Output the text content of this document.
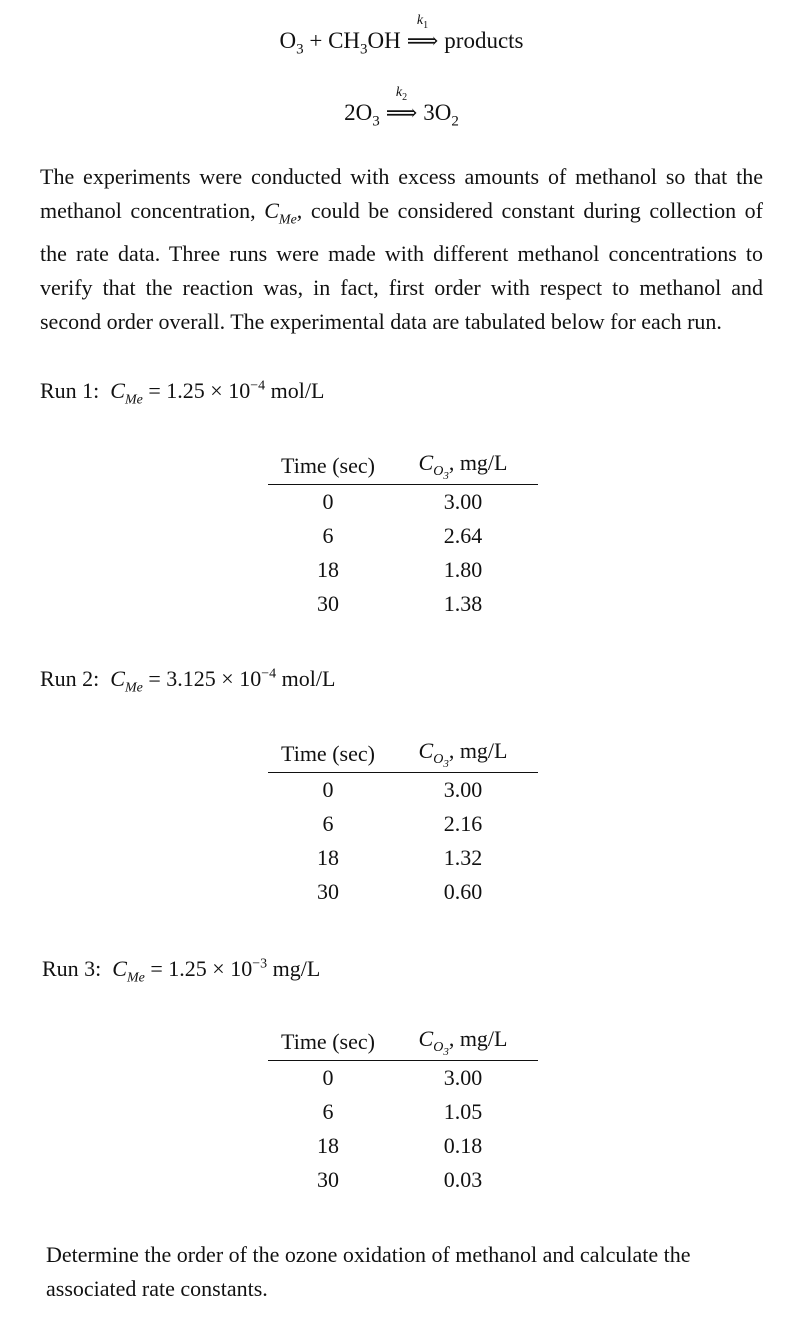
$O_3 + CH_3OH$
$k_1$
⟹ products
$2O_3$
$k_2$
⟹ $3O_2$

The experiments were conducted with excess amounts of methanol so that the methanol concentration, $C_{Me}$, could be considered constant during collection of the rate data. Three runs were made with different methanol concentrations to verify that the reaction was, in fact, first order with respect to methanol and second order overall. The experimental data are tabulated below for each run.

Run 1: $C_{Me} = 1.25 \times 10^{-4}$ mol/L
Time (sec)	$C_{O_3}$, mg/L
0	3.00
6	2.64
18	1.80
30	1.38
Run 2: $C_{Me} = 3.125 \times 10^{-4}$ mol/L
Time (sec)	$C_{O_3}$, mg/L
0	3.00
6	2.16
18	1.32
30	0.60
Run 3: $C_{Me} = 1.25 \times 10^{-3}$ mg/L
Time (sec)	$C_{O_3}$, mg/L
0	3.00
6	1.05
18	0.18
30	0.03

Determine the order of the ozone oxidation of methanol and calculate the associated rate constants.
